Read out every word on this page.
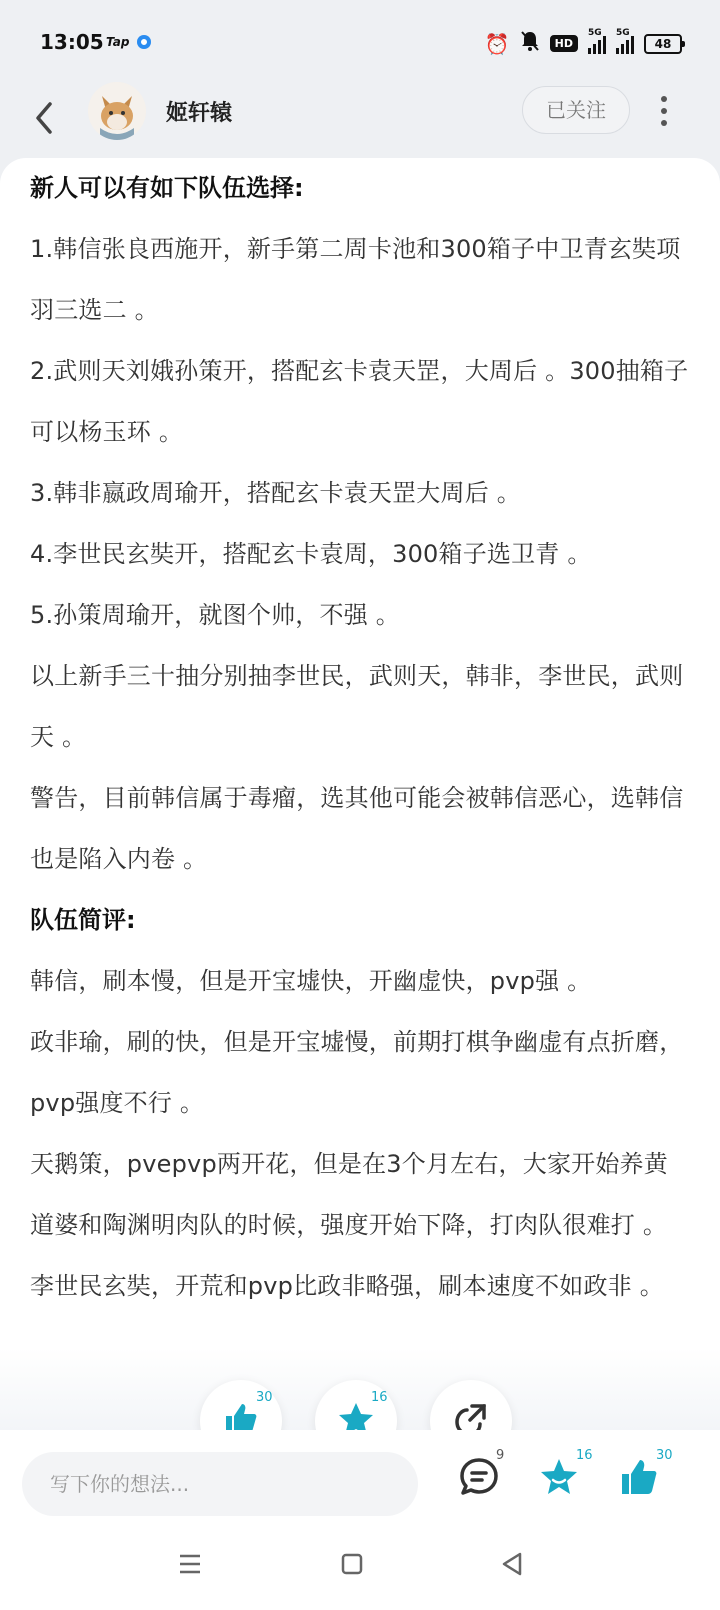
13:05 Tap	⏰	HD
5G 5G
48
姬轩辕	已关注

新人可以有如下队伍选择:

1.韩信张良西施开，新手第二周卡池和300箱子中卫青玄奘项羽三选二 。

2.武则天刘娥孙策开，搭配玄卡袁天罡，大周后 。300抽箱子可以杨玉环 。

3.韩非嬴政周瑜开，搭配玄卡袁天罡大周后 。

4.李世民玄奘开，搭配玄卡袁周，300箱子选卫青 。

5.孙策周瑜开，就图个帅，不强 。

以上新手三十抽分别抽李世民，武则天，韩非，李世民，武则天 。

警告，目前韩信属于毒瘤，选其他可能会被韩信恶心，选韩信也是陷入内卷 。

队伍简评:

韩信，刷本慢，但是开宝墟快，开幽虚快，pvp强 。

政非瑜，刷的快，但是开宝墟慢，前期打棋争幽虚有点折磨，pvp强度不行 。

天鹅策，pvepvp两开花，但是在3个月左右，大家开始养黄道婆和陶渊明肉队的时候，强度开始下降，打肉队很难打 。

李世民玄奘，开荒和pvp比政非略强，刷本速度不如政非 。

30	16
写下你的想法...
9	16	30
